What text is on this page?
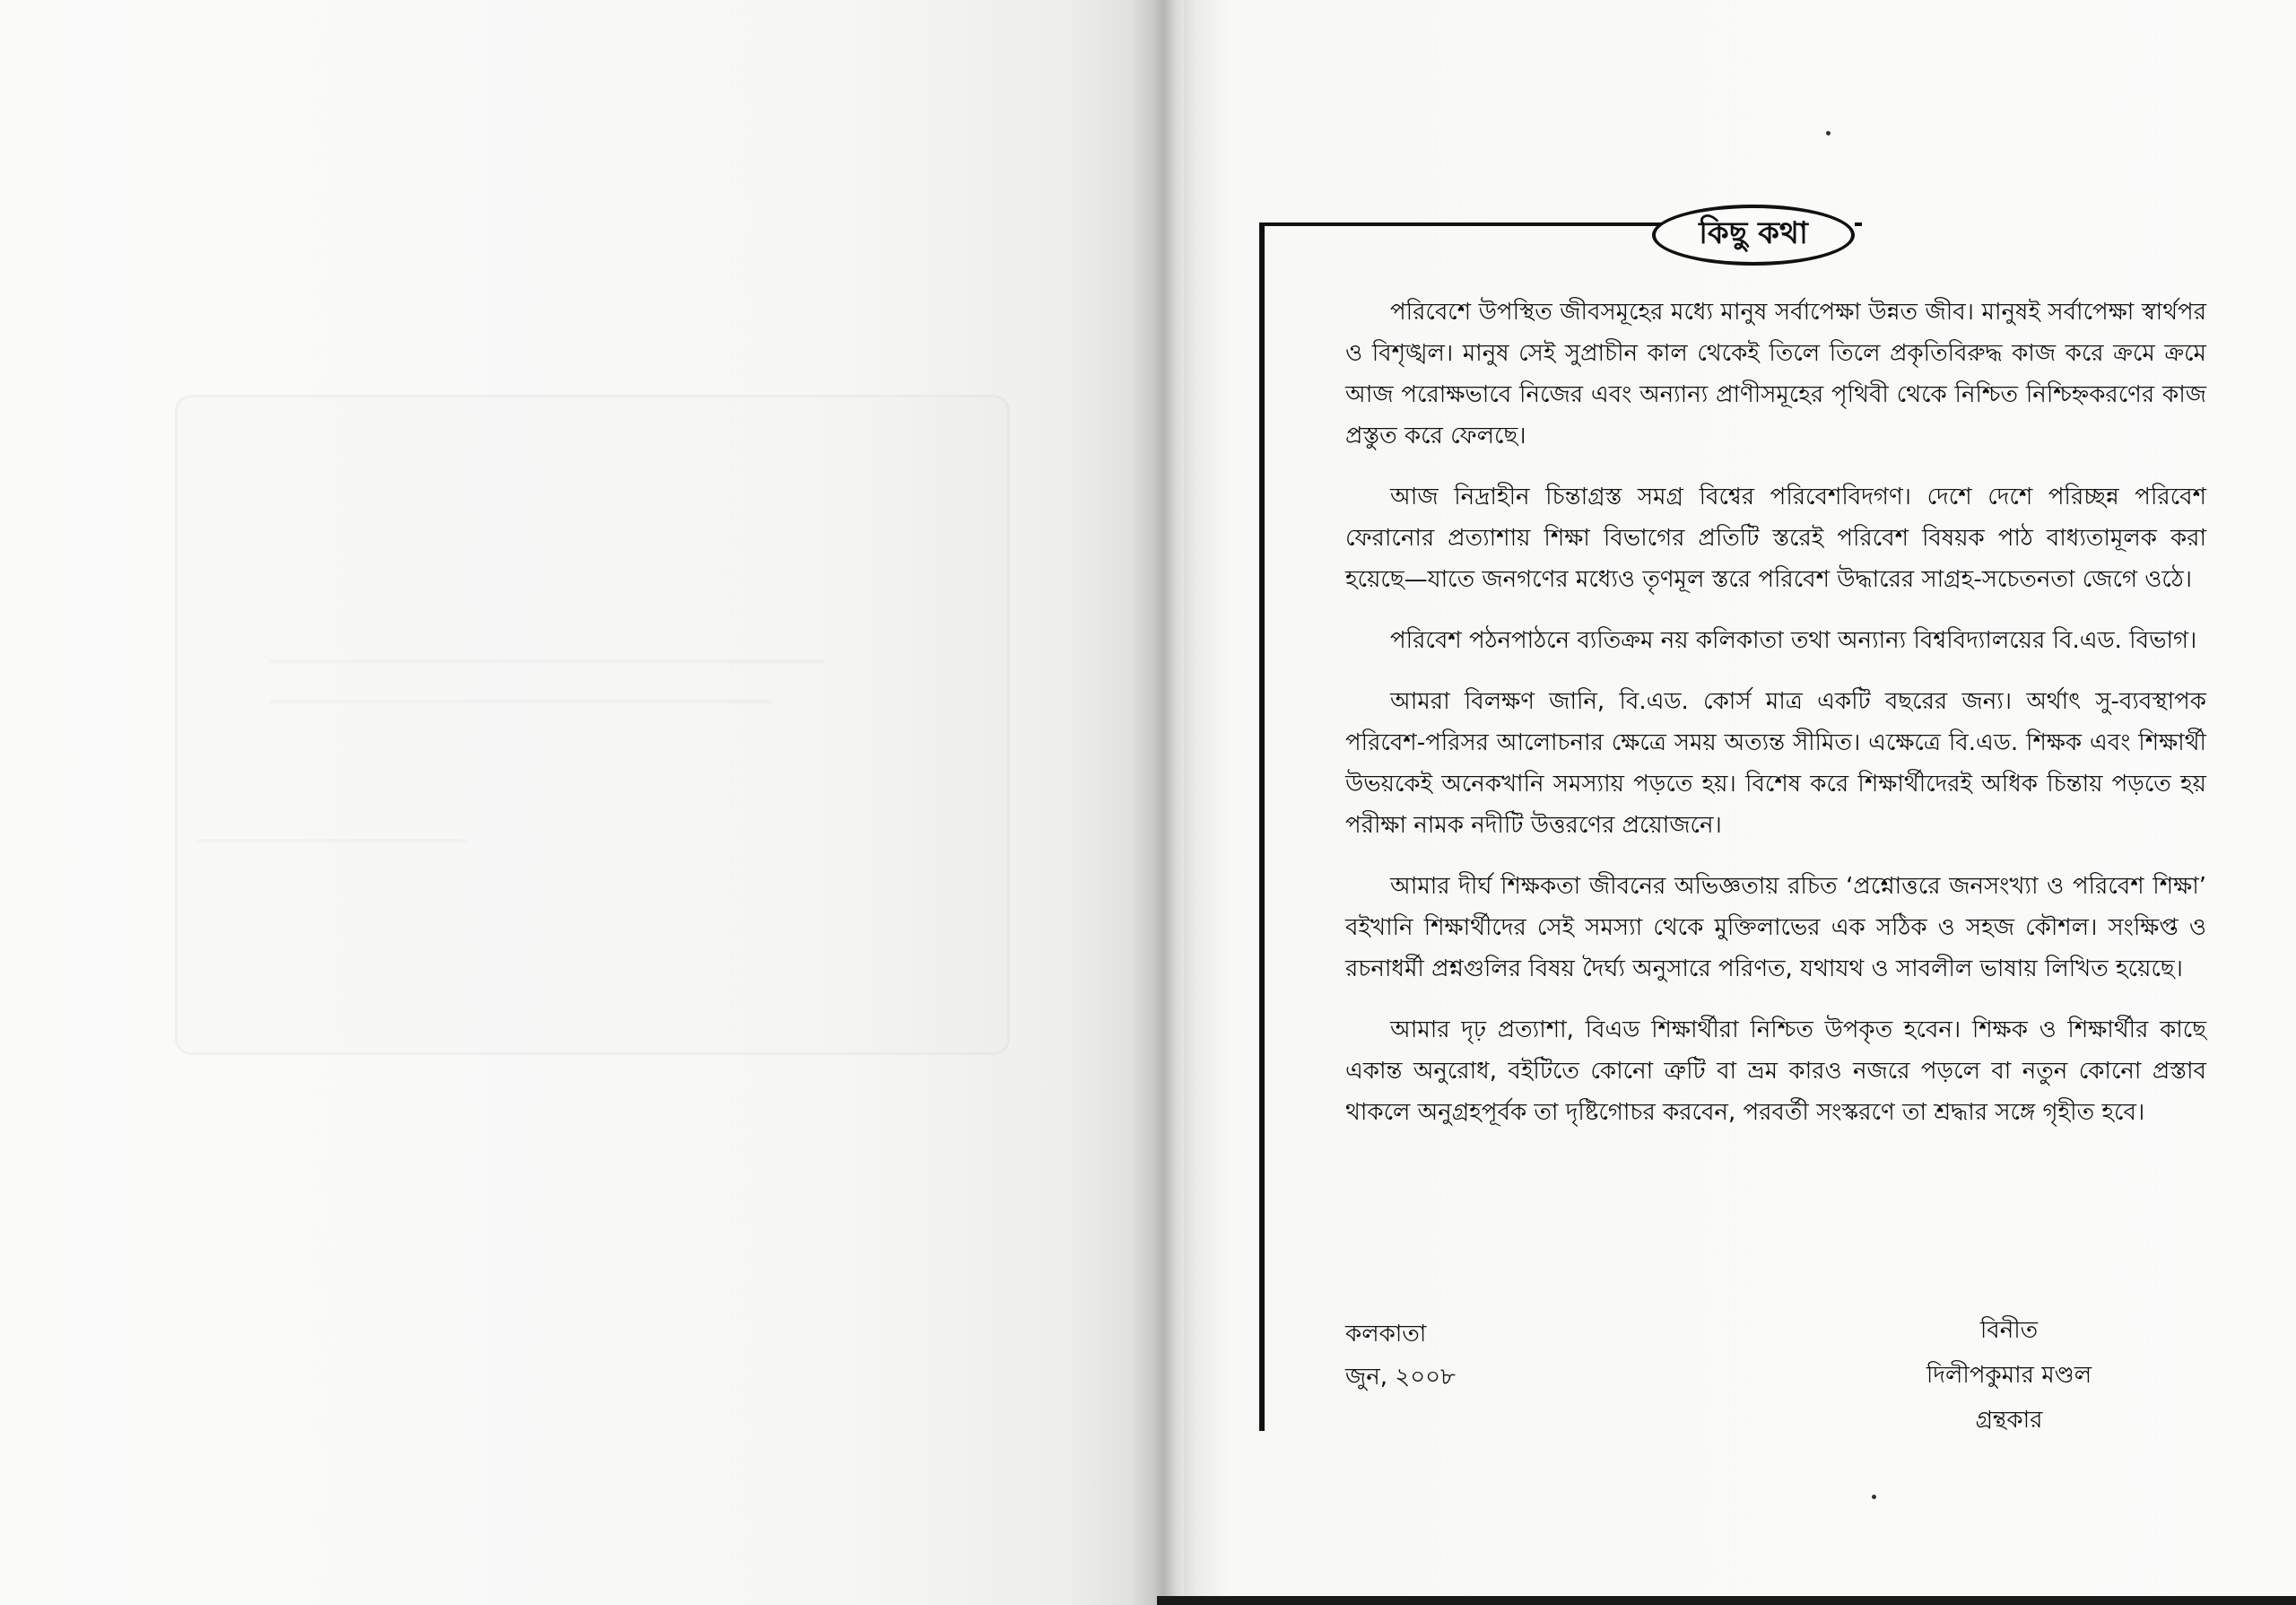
কিছু কথা

পরিবেশে উপস্থিত জীবসমূহের মধ্যে মানুষ সর্বাপেক্ষা উন্নত জীব। মানুষই সর্বাপেক্ষা স্বার্থপর ও বিশৃঙ্খল। মানুষ সেই সুপ্রাচীন কাল থেকেই তিলে তিলে প্রকৃতিবিরুদ্ধ কাজ করে ক্রমে ক্রমে আজ পরোক্ষভাবে নিজের এবং অন্যান্য প্রাণীসমূহের পৃথিবী থেকে নিশ্চিত নিশ্চিহ্নকরণের কাজ প্রস্তুত করে ফেলছে।

আজ নিদ্রাহীন চিন্তাগ্রস্ত সমগ্র বিশ্বের পরিবেশবিদগণ। দেশে দেশে পরিচ্ছন্ন পরিবেশ ফেরানোর প্রত্যাশায় শিক্ষা বিভাগের প্রতিটি স্তরেই পরিবেশ বিষয়ক পাঠ বাধ্যতামূলক করা হয়েছে—যাতে জনগণের মধ্যেও তৃণমূল স্তরে পরিবেশ উদ্ধারের সাগ্রহ-সচেতনতা জেগে ওঠে।

পরিবেশ পঠনপাঠনে ব্যতিক্রম নয় কলিকাতা তথা অন্যান্য বিশ্ববিদ্যালয়ের বি.এড. বিভাগ।

আমরা বিলক্ষণ জানি, বি.এড. কোর্স মাত্র একটি বছরের জন্য। অর্থাৎ সু-ব্যবস্থাপক পরিবেশ-পরিসর আলোচনার ক্ষেত্রে সময় অত্যন্ত সীমিত। এক্ষেত্রে বি.এড. শিক্ষক এবং শিক্ষার্থী উভয়কেই অনেকখানি সমস্যায় পড়তে হয়। বিশেষ করে শিক্ষার্থীদেরই অধিক চিন্তায় পড়তে হয় পরীক্ষা নামক নদীটি উত্তরণের প্রয়োজনে।

আমার দীর্ঘ শিক্ষকতা জীবনের অভিজ্ঞতায় রচিত ‘প্রশ্নোত্তরে জনসংখ্যা ও পরিবেশ শিক্ষা’ বইখানি শিক্ষার্থীদের সেই সমস্যা থেকে মুক্তিলাভের এক সঠিক ও সহজ কৌশল। সংক্ষিপ্ত ও রচনাধর্মী প্রশ্নগুলির বিষয় দৈর্ঘ্য অনুসারে পরিণত, যথাযথ ও সাবলীল ভাষায় লিখিত হয়েছে।

আমার দৃঢ় প্রত্যাশা, বিএড শিক্ষার্থীরা নিশ্চিত উপকৃত হবেন। শিক্ষক ও শিক্ষার্থীর কাছে একান্ত অনুরোধ, বইটিতে কোনো ত্রুটি বা ভ্রম কারও নজরে পড়লে বা নতুন কোনো প্রস্তাব থাকলে অনুগ্রহপূর্বক তা দৃষ্টিগোচর করবেন, পরবর্তী সংস্করণে তা শ্রদ্ধার সঙ্গে গৃহীত হবে।

কলকাতা
জুন, ২০০৮
বিনীত
দিলীপকুমার মণ্ডল
গ্রন্থকার
